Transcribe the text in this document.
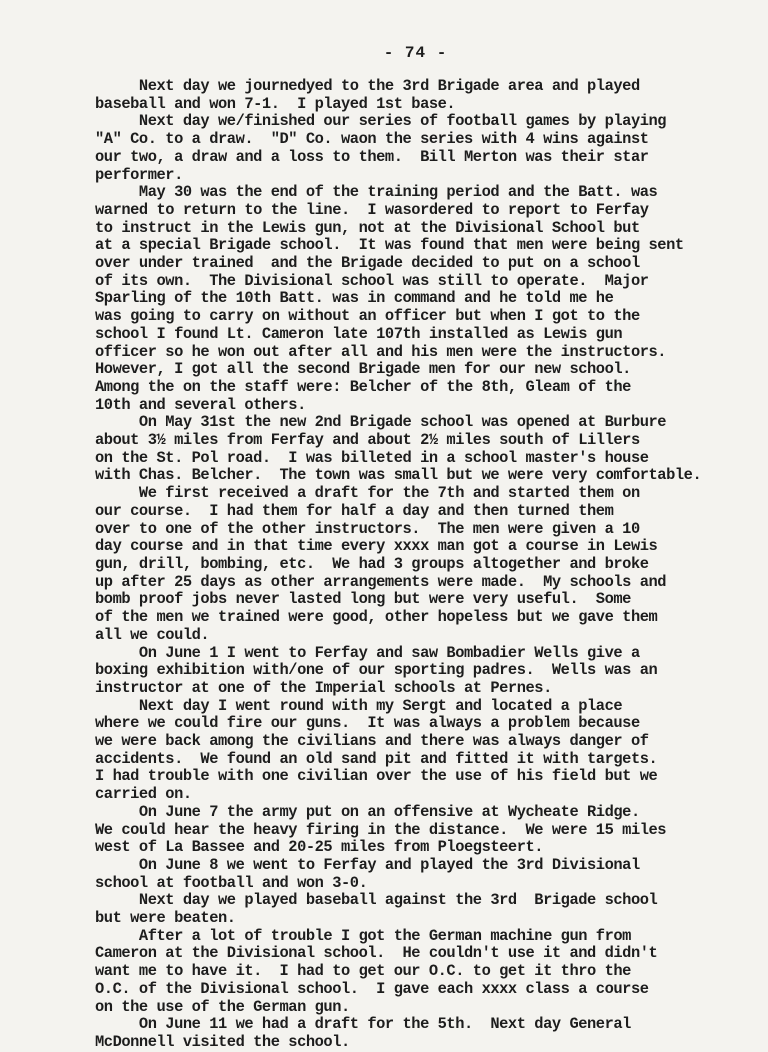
- 74 -
Next day we journedyed to the 3rd Brigade area and played
baseball and won 7-1.  I played 1st base.
Next day we/finished our series of football games by playing
"A" Co. to a draw.  "D" Co. waon the series with 4 wins against
our two, a draw and a loss to them.  Bill Merton was their star
performer.
May 30 was the end of the training period and the Batt. was
warned to return to the line.  I wasordered to report to Ferfay
to instruct in the Lewis gun, not at the Divisional School but
at a special Brigade school.  It was found that men were being sent
over under trained  and the Brigade decided to put on a school
of its own.  The Divisional school was still to operate.  Major
Sparling of the 10th Batt. was in command and he told me he
was going to carry on without an officer but when I got to the
school I found Lt. Cameron late 107th installed as Lewis gun
officer so he won out after all and his men were the instructors.
However, I got all the second Brigade men for our new school.
Among the on the staff were: Belcher of the 8th, Gleam of the
10th and several others.
On May 31st the new 2nd Brigade school was opened at Burbure
about 3½ miles from Ferfay and about 2½ miles south of Lillers
on the St. Pol road.  I was billeted in a school master's house
with Chas. Belcher.  The town was small but we were very comfortable.
We first received a draft for the 7th and started them on
our course.  I had them for half a day and then turned them
over to one of the other instructors.  The men were given a 10
day course and in that time every xxxx man got a course in Lewis
gun, drill, bombing, etc.  We had 3 groups altogether and broke
up after 25 days as other arrangements were made.  My schools and
bomb proof jobs never lasted long but were very useful.  Some
of the men we trained were good, other hopeless but we gave them
all we could.
On June 1 I went to Ferfay and saw Bombadier Wells give a
boxing exhibition with/one of our sporting padres.  Wells was an
instructor at one of the Imperial schools at Pernes.
Next day I went round with my Sergt and located a place
where we could fire our guns.  It was always a problem because
we were back among the civilians and there was always danger of
accidents.  We found an old sand pit and fitted it with targets.
I had trouble with one civilian over the use of his field but we
carried on.
On June 7 the army put on an offensive at Wycheate Ridge.
We could hear the heavy firing in the distance.  We were 15 miles
west of La Bassee and 20-25 miles from Ploegsteert.
On June 8 we went to Ferfay and played the 3rd Divisional
school at football and won 3-0.
Next day we played baseball against the 3rd  Brigade school
but were beaten.
After a lot of trouble I got the German machine gun from
Cameron at the Divisional school.  He couldn't use it and didn't
want me to have it.  I had to get our O.C. to get it thro the
O.C. of the Divisional school.  I gave each xxxx class a course
on the use of the German gun.
On June 11 we had a draft for the 5th.  Next day General
McDonnell visited the school.
